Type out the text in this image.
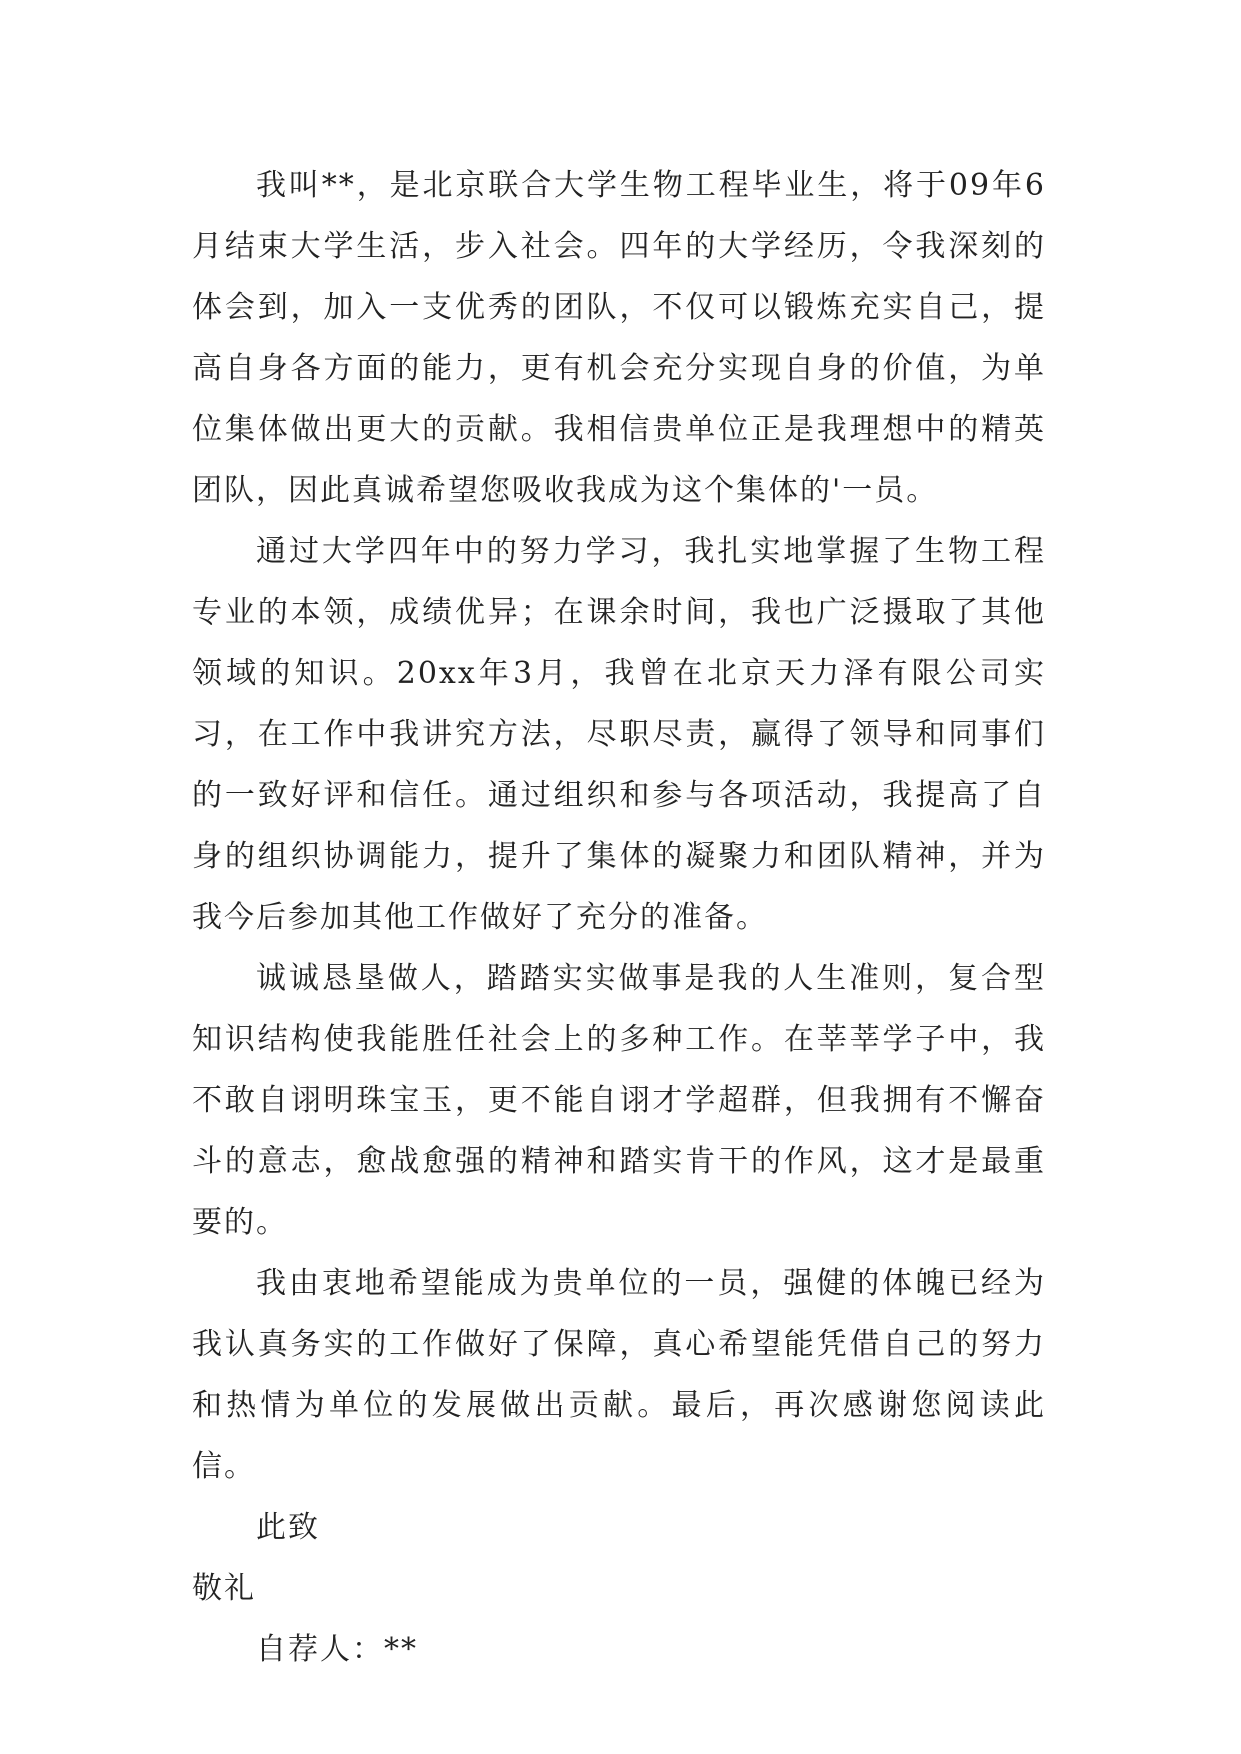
我叫**，是北京联合大学生物工程毕业生，将于09年6月结束大学生活，步入社会。四年的大学经历，令我深刻的体会到，加入一支优秀的团队，不仅可以锻炼充实自己，提高自身各方面的能力，更有机会充分实现自身的价值，为单位集体做出更大的贡献。我相信贵单位正是我理想中的精英团队，因此真诚希望您吸收我成为这个集体的'一员。

通过大学四年中的努力学习，我扎实地掌握了生物工程专业的本领，成绩优异；在课余时间，我也广泛摄取了其他领域的知识。20xx年3月，我曾在北京天力泽有限公司实习，在工作中我讲究方法，尽职尽责，赢得了领导和同事们的一致好评和信任。通过组织和参与各项活动，我提高了自身的组织协调能力，提升了集体的凝聚力和团队精神，并为我今后参加其他工作做好了充分的准备。

诚诚恳垦做人，踏踏实实做事是我的人生准则，复合型知识结构使我能胜任社会上的多种工作。在莘莘学子中，我不敢自诩明珠宝玉，更不能自诩才学超群，但我拥有不懈奋斗的意志，愈战愈强的精神和踏实肯干的作风，这才是最重要的。

我由衷地希望能成为贵单位的一员，强健的体魄已经为我认真务实的工作做好了保障，真心希望能凭借自己的努力和热情为单位的发展做出贡献。最后，再次感谢您阅读此信。

此致

敬礼

自荐人：**
